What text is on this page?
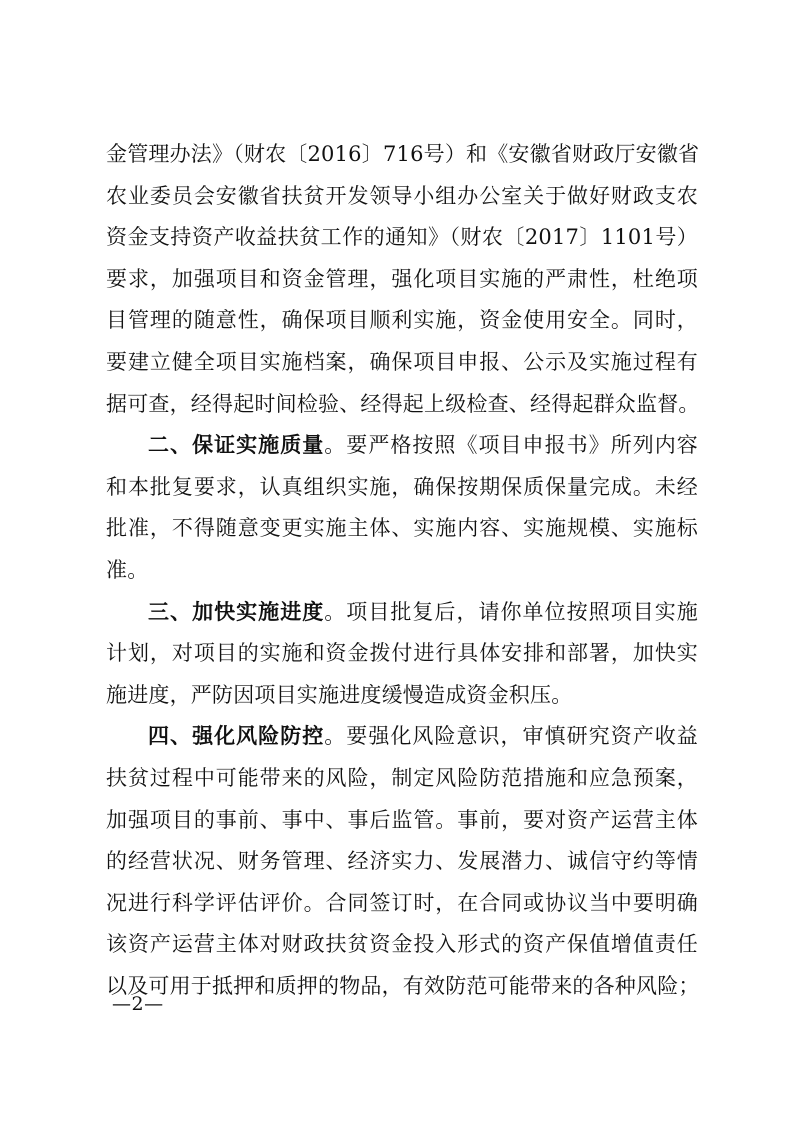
金管理办法》（财农〔2016〕716号）和《安徽省财政厅安徽省
农业委员会安徽省扶贫开发领导小组办公室关于做好财政支农
资金支持资产收益扶贫工作的通知》（财农〔2017〕1101号）
要求，加强项目和资金管理，强化项目实施的严肃性，杜绝项
目管理的随意性，确保项目顺利实施，资金使用安全。同时，
要建立健全项目实施档案，确保项目申报、公示及实施过程有
据可查，经得起时间检验、经得起上级检查、经得起群众监督。
二、保证实施质量。要严格按照《项目申报书》所列内容
和本批复要求，认真组织实施，确保按期保质保量完成。未经
批准，不得随意变更实施主体、实施内容、实施规模、实施标
准。
三、加快实施进度。项目批复后，请你单位按照项目实施
计划，对项目的实施和资金拨付进行具体安排和部署，加快实
施进度，严防因项目实施进度缓慢造成资金积压。
四、强化风险防控。要强化风险意识，审慎研究资产收益
扶贫过程中可能带来的风险，制定风险防范措施和应急预案，
加强项目的事前、事中、事后监管。事前，要对资产运营主体
的经营状况、财务管理、经济实力、发展潜力、诚信守约等情
况进行科学评估评价。合同签订时，在合同或协议当中要明确
该资产运营主体对财政扶贫资金投入形式的资产保值增值责任
以及可用于抵押和质押的物品，有效防范可能带来的各种风险；
—2—
